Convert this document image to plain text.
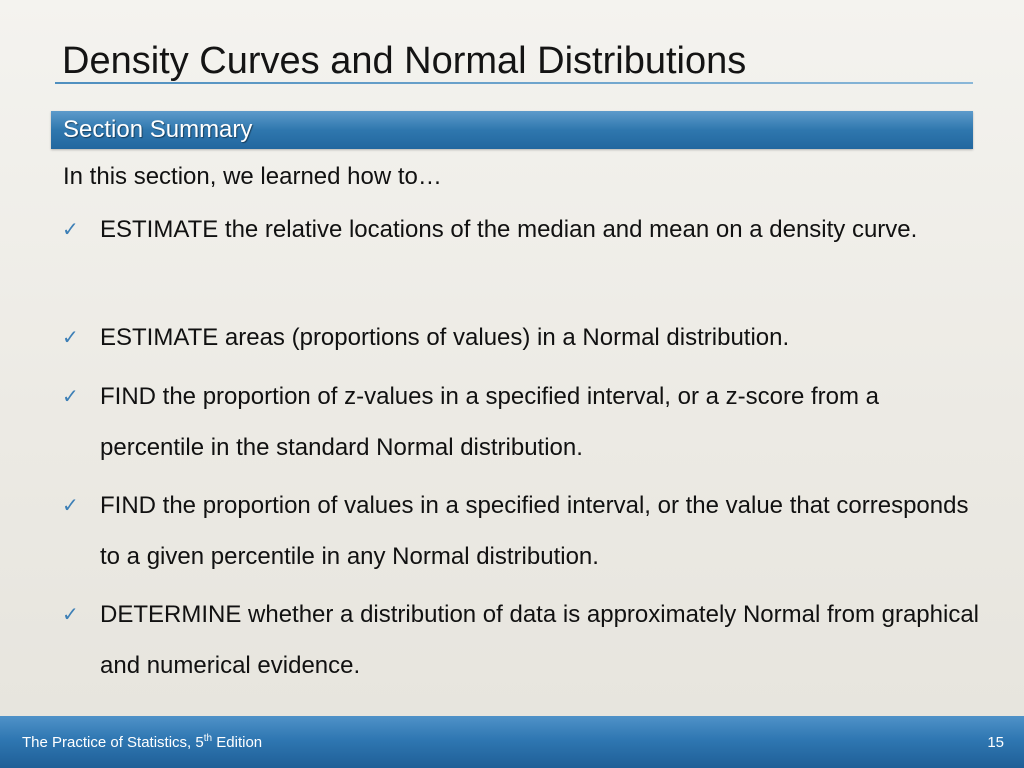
Density Curves and Normal Distributions
Section Summary
In this section, we learned how to…
✓ ESTIMATE the relative locations of the median and mean on a density curve.
✓ ESTIMATE areas (proportions of values) in a Normal distribution.
✓ FIND the proportion of z-values in a specified interval, or a z-score from a percentile in the standard Normal distribution.
✓ FIND the proportion of values in a specified interval, or the value that corresponds to a given percentile in any Normal distribution.
✓ DETERMINE whether a distribution of data is approximately Normal from graphical and numerical evidence.
The Practice of Statistics, 5th Edition	15
